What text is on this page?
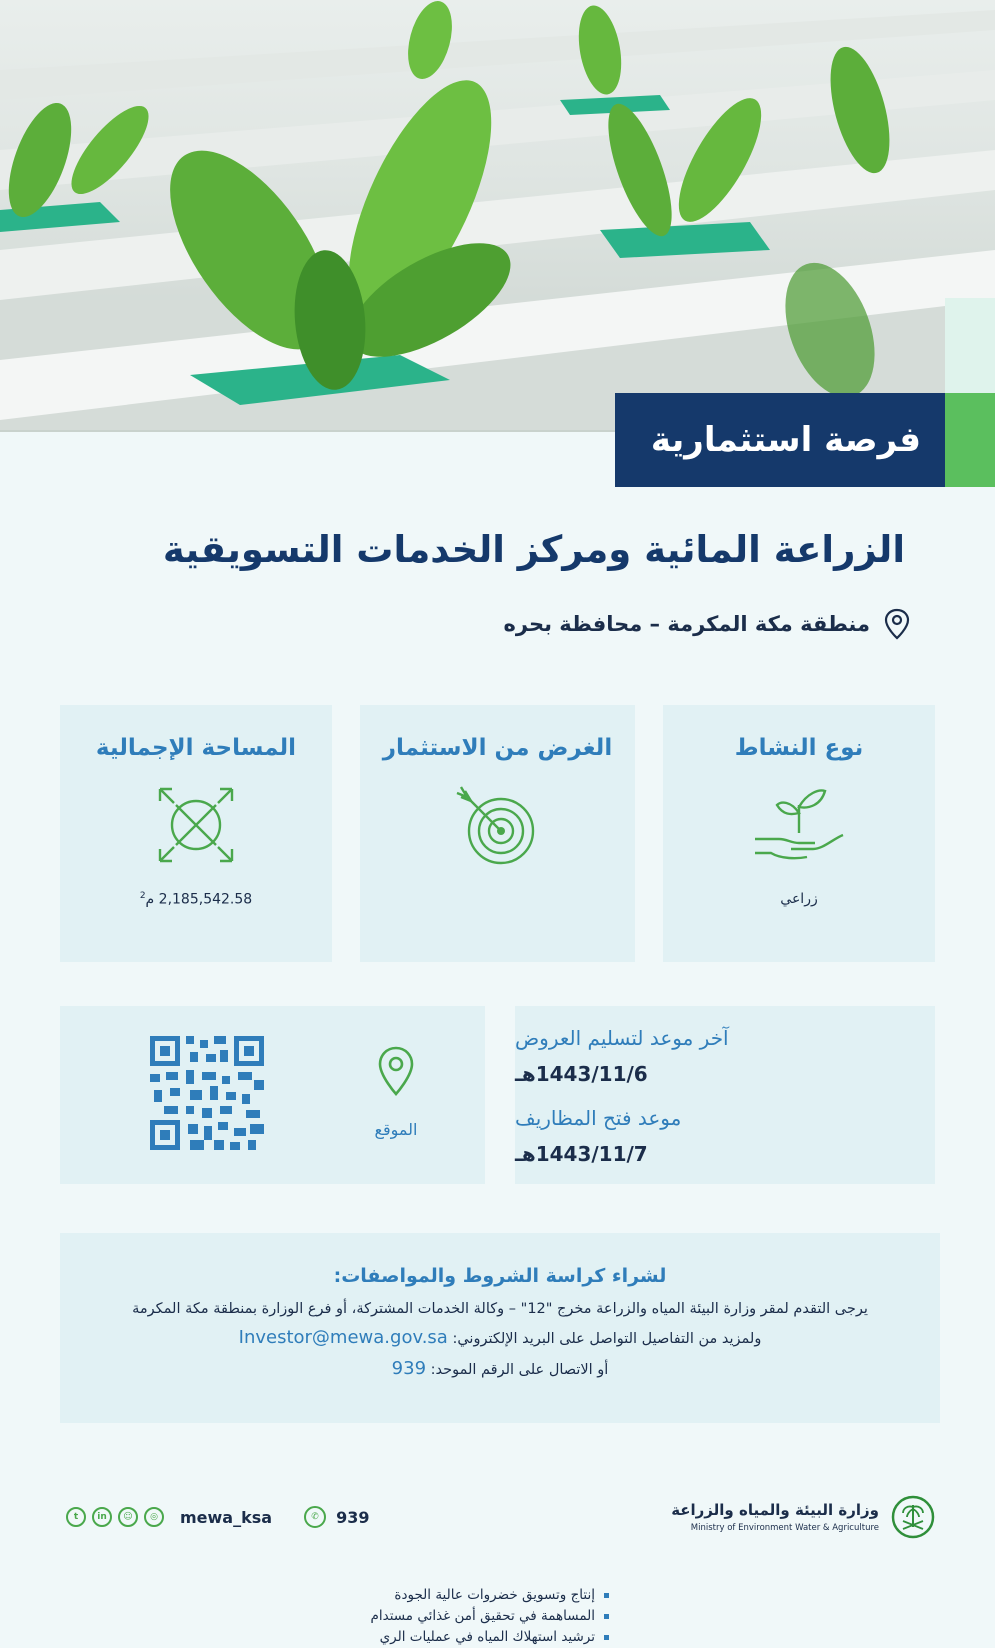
فرصة استثمارية
الزراعة المائية ومركز الخدمات التسويقية
منطقة مكة المكرمة – محافظة بحره
نوع النشاط
زراعي
الغرض من الاستثمار
إنتاج وتسويق خضروات عالية الجودة
المساهمة في تحقيق أمن غذائي مستدام
ترشيد استهلاك المياه في عمليات الري
المساحة الإجمالية
$^2$2,185,542.58 م
آخر موعد لتسليم العروض
1443/11/6هـ
موعد فتح المظاريف
1443/11/7هـ
الموقع
لشراء كراسة الشروط والمواصفات:
يرجى التقدم لمقر وزارة البيئة المياه والزراعة مخرج "12" – وكالة الخدمات المشتركة، أو فرع الوزارة بمنطقة مكة المكرمة
ولمزيد من التفاصيل التواصل على البريد الإلكتروني: Investor@mewa.gov.sa
أو الاتصال على الرقم الموحد: 939
t	in	☺	◎	mewa_ksa	✆	939	وزارة البيئة والمياه والزراعة
Ministry of Environment Water & Agriculture
